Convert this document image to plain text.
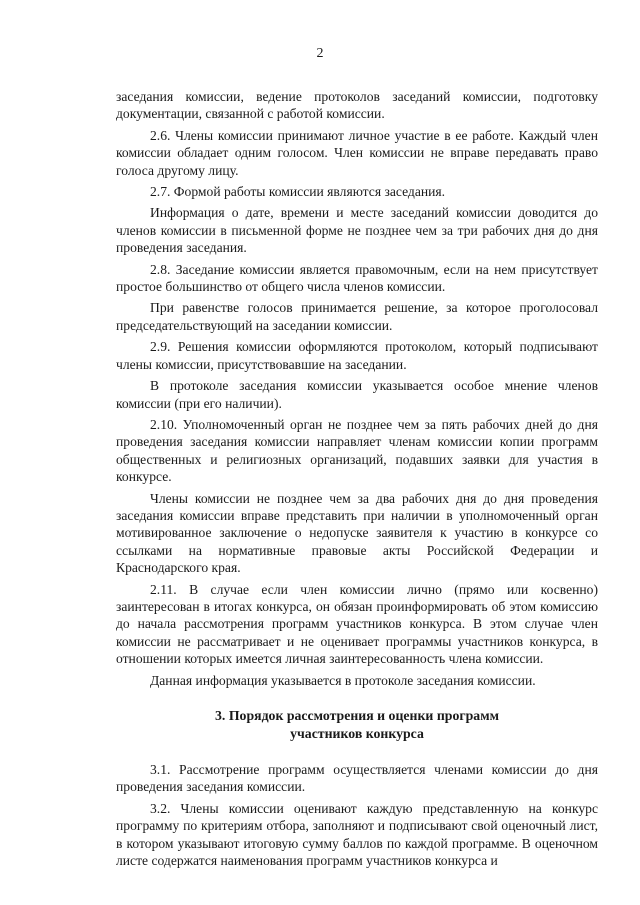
2

заседания комиссии, ведение протоколов заседаний комиссии, подготовку документации, связанной с работой комиссии.

2.6. Члены комиссии принимают личное участие в ее работе. Каждый член комиссии обладает одним голосом. Член комиссии не вправе передавать право голоса другому лицу.

2.7. Формой работы комиссии являются заседания.

Информация о дате, времени и месте заседаний комиссии доводится до членов комиссии в письменной форме не позднее чем за три рабочих дня до дня проведения заседания.

2.8. Заседание комиссии является правомочным, если на нем присутствует простое большинство от общего числа членов комиссии.

При равенстве голосов принимается решение, за которое проголосовал председательствующий на заседании комиссии.

2.9. Решения комиссии оформляются протоколом, который подписывают члены комиссии, присутствовавшие на заседании.

В протоколе заседания комиссии указывается особое мнение членов комиссии (при его наличии).

2.10. Уполномоченный орган не позднее чем за пять рабочих дней до дня проведения заседания комиссии направляет членам комиссии копии программ общественных и религиозных организаций, подавших заявки для участия в конкурсе.

Члены комиссии не позднее чем за два рабочих дня до дня проведения заседания комиссии вправе представить при наличии в уполномоченный орган мотивированное заключение о недопуске заявителя к участию в конкурсе со ссылками на нормативные правовые акты Российской Федерации и Краснодарского края.

2.11. В случае если член комиссии лично (прямо или косвенно) заинтересован в итогах конкурса, он обязан проинформировать об этом комиссию до начала рассмотрения программ участников конкурса. В этом случае член комиссии не рассматривает и не оценивает программы участников конкурса, в отношении которых имеется личная заинтересованность члена комиссии.

Данная информация указывается в протоколе заседания комиссии.

3. Порядок рассмотрения и оценки программ
участников конкурса

3.1. Рассмотрение программ осуществляется членами комиссии до дня проведения заседания комиссии.

3.2. Члены комиссии оценивают каждую представленную на конкурс программу по критериям отбора, заполняют и подписывают свой оценочный лист, в котором указывают итоговую сумму баллов по каждой программе. В оценочном листе содержатся наименования программ участников конкурса и
